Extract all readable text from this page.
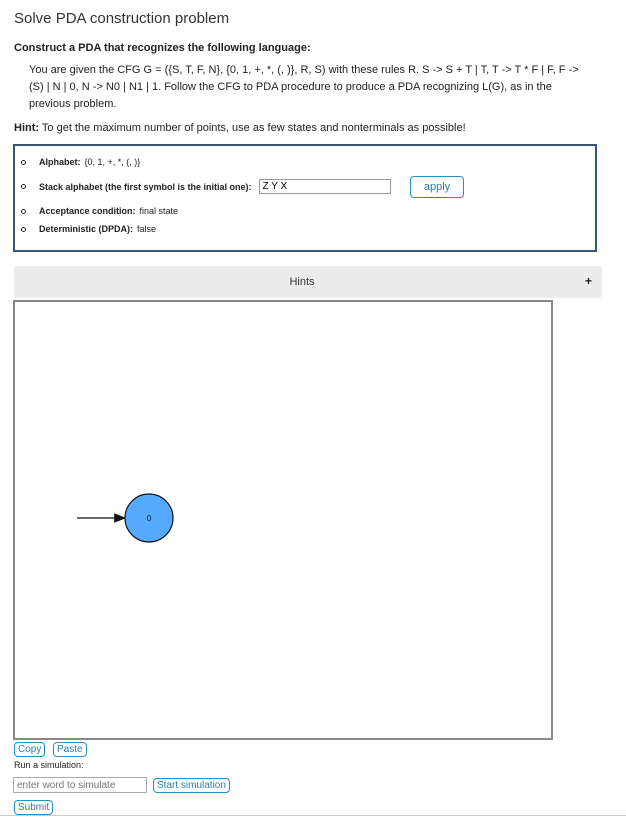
Solve PDA construction problem
Construct a PDA that recognizes the following language:
You are given the CFG G = ({S, T, F, N}, {0, 1, +, *, (, )}, R, S) with these rules R. S -> S + T | T, T -> T * F | F, F -> (S) | N | 0, N -> N0 | N1 | 1. Follow the CFG to PDA procedure to produce a PDA recognizing L(G), as in the previous problem.
Hint: To get the maximum number of points, use as few states and nonterminals as possible!
Alphabet: {0, 1, +, *, (, )}
Stack alphabet (the first symbol is the initial one):
Z Y X	apply
Acceptance condition: final state
Deterministic (DPDA): false
Hints	+
0
Copy	Paste
Run a simulation:
enter word to simulate
Start simulation
Submit
